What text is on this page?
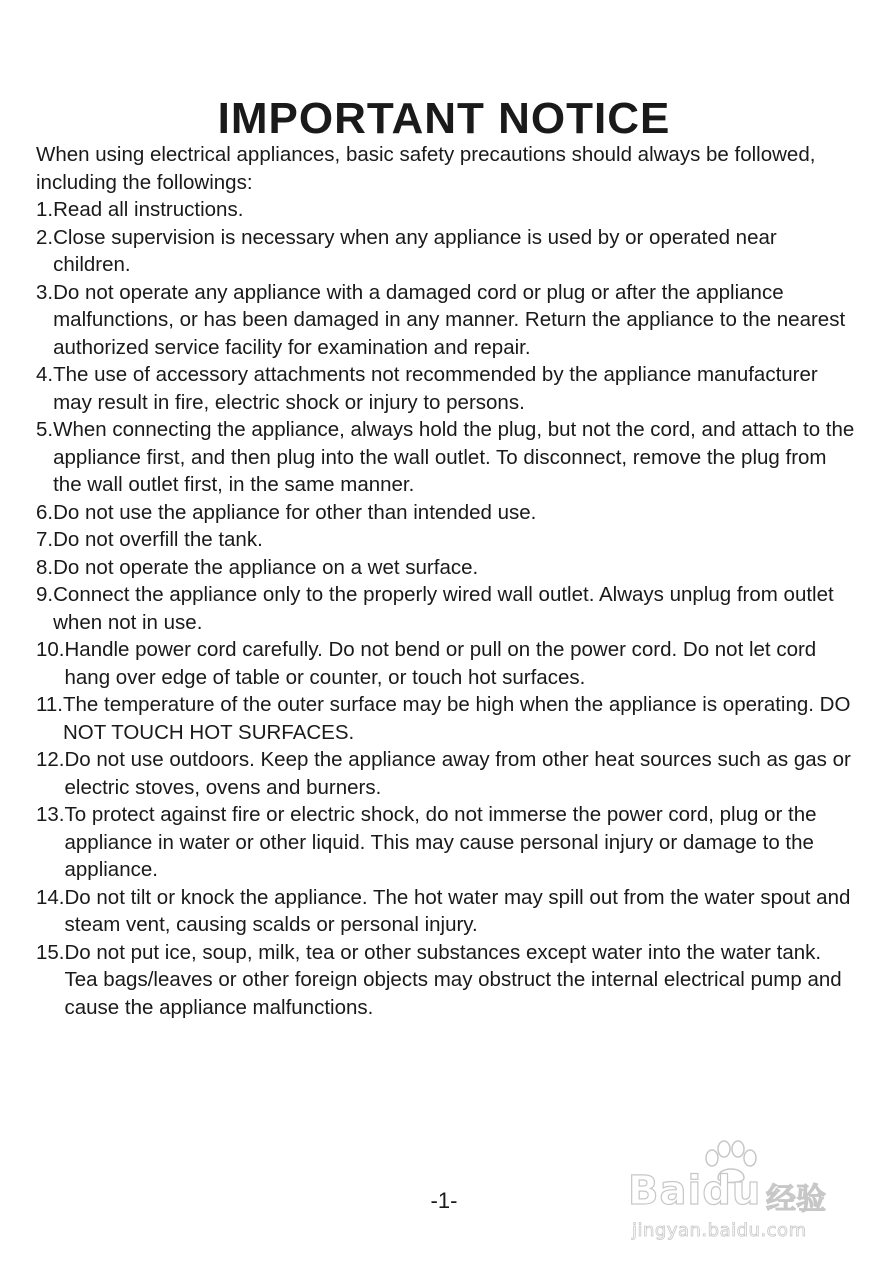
IMPORTANT NOTICE

When using electrical appliances, basic safety precautions should always be followed, including the followings:

1. Read all instructions.
2. Close supervision is necessary when any appliance is used by or operated near children.
3. Do not operate any appliance with a damaged cord or plug or after the appliance malfunctions, or has been damaged in any manner. Return the appliance to the nearest authorized service facility for examination and repair.
4. The use of accessory attachments not recommended by the appliance manufacturer may result in fire, electric shock or injury to persons.
5. When connecting the appliance, always hold the plug, but not the cord, and attach to the appliance first, and then plug into the wall outlet. To disconnect, remove the plug from the wall outlet first, in the same manner.
6. Do not use the appliance for other than intended use.
7. Do not overfill the tank.
8. Do not operate the appliance on a wet surface.
9. Connect the appliance only to the properly wired wall outlet. Always unplug from outlet when not in use.
10. Handle power cord carefully. Do not bend or pull on the power cord. Do not let cord hang over edge of table or counter, or touch hot surfaces.
11. The temperature of the outer surface may be high when the appliance is operating. DO NOT TOUCH HOT SURFACES.
12. Do not use outdoors. Keep the appliance away from other heat sources such as gas or electric stoves, ovens and burners.
13. To protect against fire or electric shock, do not immerse the power cord, plug or the appliance in water or other liquid. This may cause personal injury or damage to the appliance.
14. Do not tilt or knock the appliance. The hot water may spill out from the water spout and steam vent, causing scalds or personal injury.
15. Do not put ice, soup, milk, tea or other substances except water into the water tank. Tea bags/leaves or other foreign objects may obstruct the internal electrical pump and cause the appliance malfunctions.
-1-	Baidu 经验
jingyan.baidu.com
